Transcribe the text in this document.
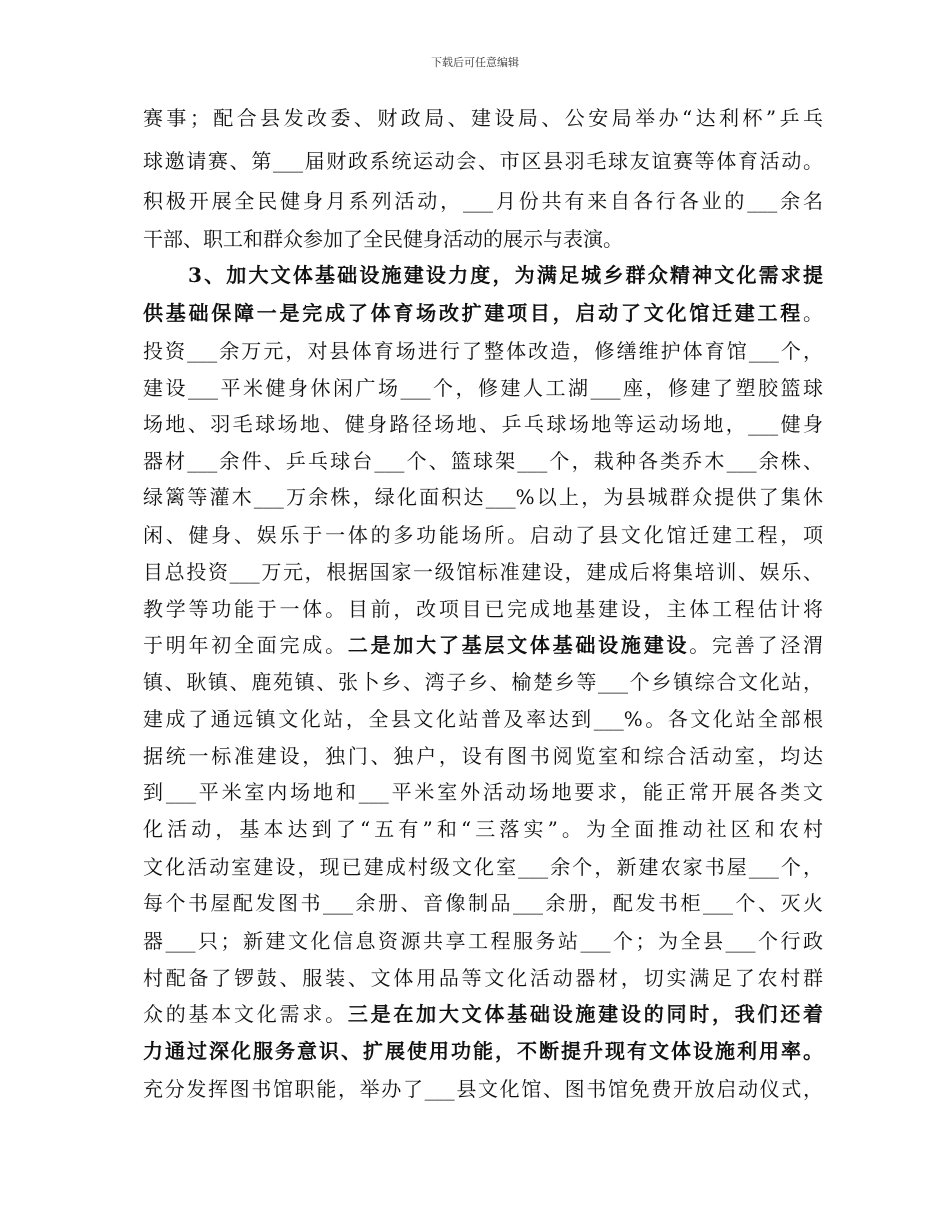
下载后可任意编辑
赛事；配合县发改委、财政局、建设局、公安局举办“达利杯”乒乓
球邀请赛、第___届财政系统运动会、市区县羽毛球友谊赛等体育活动。
积极开展全民健身月系列活动，___月份共有来自各行各业的___余名
干部、职工和群众参加了全民健身活动的展示与表演。
3、加大文体基础设施建设力度，为满足城乡群众精神文化需求提
供基础保障一是完成了体育场改扩建项目，启动了文化馆迁建工程。
投资___余万元，对县体育场进行了整体改造，修缮维护体育馆___个，
建设___平米健身休闲广场___个，修建人工湖___座，修建了塑胶篮球
场地、羽毛球场地、健身路径场地、乒乓球场地等运动场地，___健身
器材___余件、乒乓球台___个、篮球架___个，栽种各类乔木___余株、
绿篱等灌木___万余株，绿化面积达___%以上，为县城群众提供了集休
闲、健身、娱乐于一体的多功能场所。启动了县文化馆迁建工程，项
目总投资___万元，根据国家一级馆标准建设，建成后将集培训、娱乐、
教学等功能于一体。目前，改项目已完成地基建设，主体工程估计将
于明年初全面完成。二是加大了基层文体基础设施建设。完善了泾渭
镇、耿镇、鹿苑镇、张卜乡、湾子乡、榆楚乡等___个乡镇综合文化站，
建成了通远镇文化站，全县文化站普及率达到___%。各文化站全部根
据统一标准建设，独门、独户，设有图书阅览室和综合活动室，均达
到___平米室内场地和___平米室外活动场地要求，能正常开展各类文
化活动，基本达到了“五有”和“三落实”。为全面推动社区和农村
文化活动室建设，现已建成村级文化室___余个，新建农家书屋___个，
每个书屋配发图书___余册、音像制品___余册，配发书柜___个、灭火
器___只；新建文化信息资源共享工程服务站___个；为全县___个行政
村配备了锣鼓、服装、文体用品等文化活动器材，切实满足了农村群
众的基本文化需求。三是在加大文体基础设施建设的同时，我们还着
力通过深化服务意识、扩展使用功能，不断提升现有文体设施利用率。
充分发挥图书馆职能，举办了___县文化馆、图书馆免费开放启动仪式，
